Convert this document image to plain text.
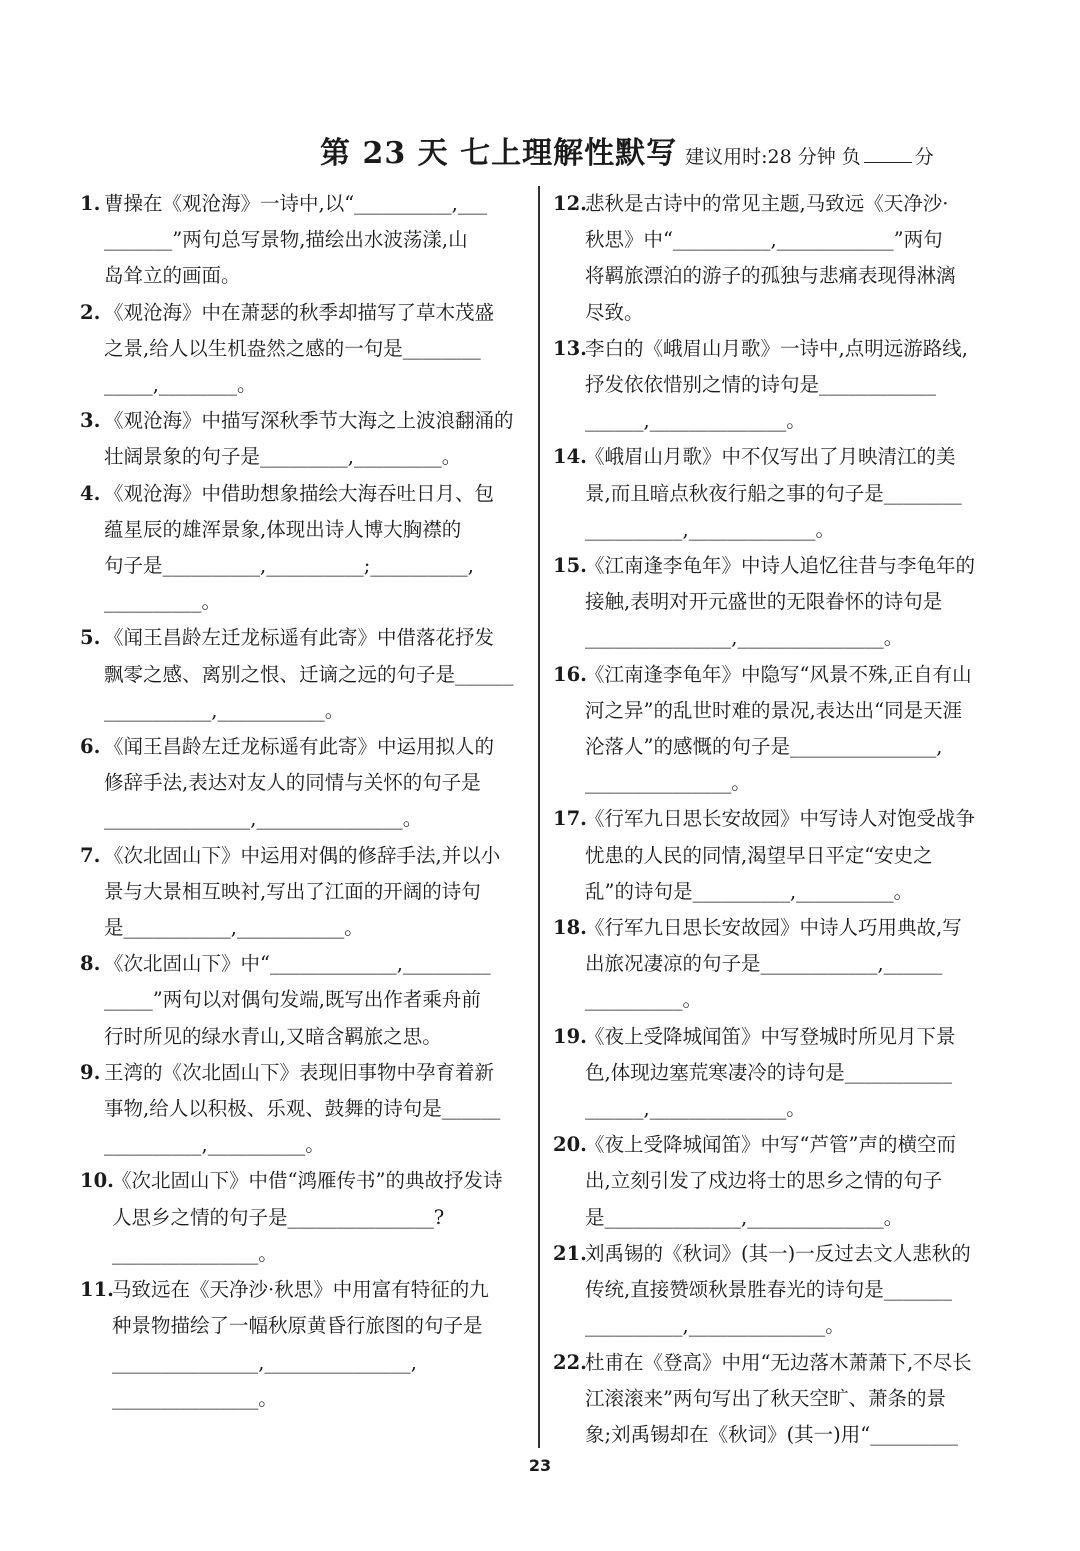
第 23 天 七上理解性默写 建议用时:28 分钟 负	分
1. 曹操在《观沧海》一诗中,以“__________,___

_______”两句总写景物,描绘出水波荡漾,山

岛耸立的画面。

2. 《观沧海》中在萧瑟的秋季却描写了草木茂盛

之景,给人以生机盎然之感的一句是________

_____,________。

3. 《观沧海》中描写深秋季节大海之上波浪翻涌的

壮阔景象的句子是_________,_________。

4. 《观沧海》中借助想象描绘大海吞吐日月、包

蕴星辰的雄浑景象,体现出诗人博大胸襟的

句子是__________,__________;__________,

__________。

5. 《闻王昌龄左迁龙标遥有此寄》中借落花抒发

飘零之感、离别之恨、迁谪之远的句子是______

___________,___________。

6. 《闻王昌龄左迁龙标遥有此寄》中运用拟人的

修辞手法,表达对友人的同情与关怀的句子是

_______________,_______________。

7. 《次北固山下》中运用对偶的修辞手法,并以小

景与大景相互映衬,写出了江面的开阔的诗句

是___________,___________。

8. 《次北固山下》中“_____________,_________

_____”两句以对偶句发端,既写出作者乘舟前

行时所见的绿水青山,又暗含羁旅之思。

9. 王湾的《次北固山下》表现旧事物中孕育着新

事物,给人以积极、乐观、鼓舞的诗句是______

__________,__________。

10.

《次北固山下》中借“鸿雁传书”的典故抒发诗

人思乡之情的句子是_______________?

_______________。

11.

马致远在《天净沙·秋思》中用富有特征的九

种景物描绘了一幅秋原黄昏行旅图的句子是

_______________,_______________,

_______________。

12.

悲秋是古诗中的常见主题,马致远《天净沙·

秋思》中“__________,____________”两句

将羁旅漂泊的游子的孤独与悲痛表现得淋漓

尽致。

13.

李白的《峨眉山月歌》一诗中,点明远游路线,

抒发依依惜别之情的诗句是____________

______,______________。

14.

《峨眉山月歌》中不仅写出了月映清江的美

景,而且暗点秋夜行船之事的句子是________

__________,_____________。

15.

《江南逢李龟年》中诗人追忆往昔与李龟年的

接触,表明对开元盛世的无限眷怀的诗句是

_______________,_______________。

16.

《江南逢李龟年》中隐写“风景不殊,正自有山

河之异”的乱世时难的景况,表达出“同是天涯

沦落人”的感慨的句子是_______________,

_______________。

17.

《行军九日思长安故园》中写诗人对饱受战争

忧患的人民的同情,渴望早日平定“安史之

乱”的诗句是__________,__________。

18.

《行军九日思长安故园》中诗人巧用典故,写

出旅况凄凉的句子是____________,______

__________。

19.

《夜上受降城闻笛》中写登城时所见月下景

色,体现边塞荒寒凄冷的诗句是___________

______,______________。

20.

《夜上受降城闻笛》中写“芦管”声的横空而

出,立刻引发了戍边将士的思乡之情的句子

是______________,______________。

21.

刘禹锡的《秋词》(其一)一反过去文人悲秋的

传统,直接赞颂秋景胜春光的诗句是_______

__________,______________。

22.

杜甫在《登高》中用“无边落木萧萧下,不尽长

江滚滚来”两句写出了秋天空旷、萧条的景

象;刘禹锡却在《秋词》(其一)用“_________

23
